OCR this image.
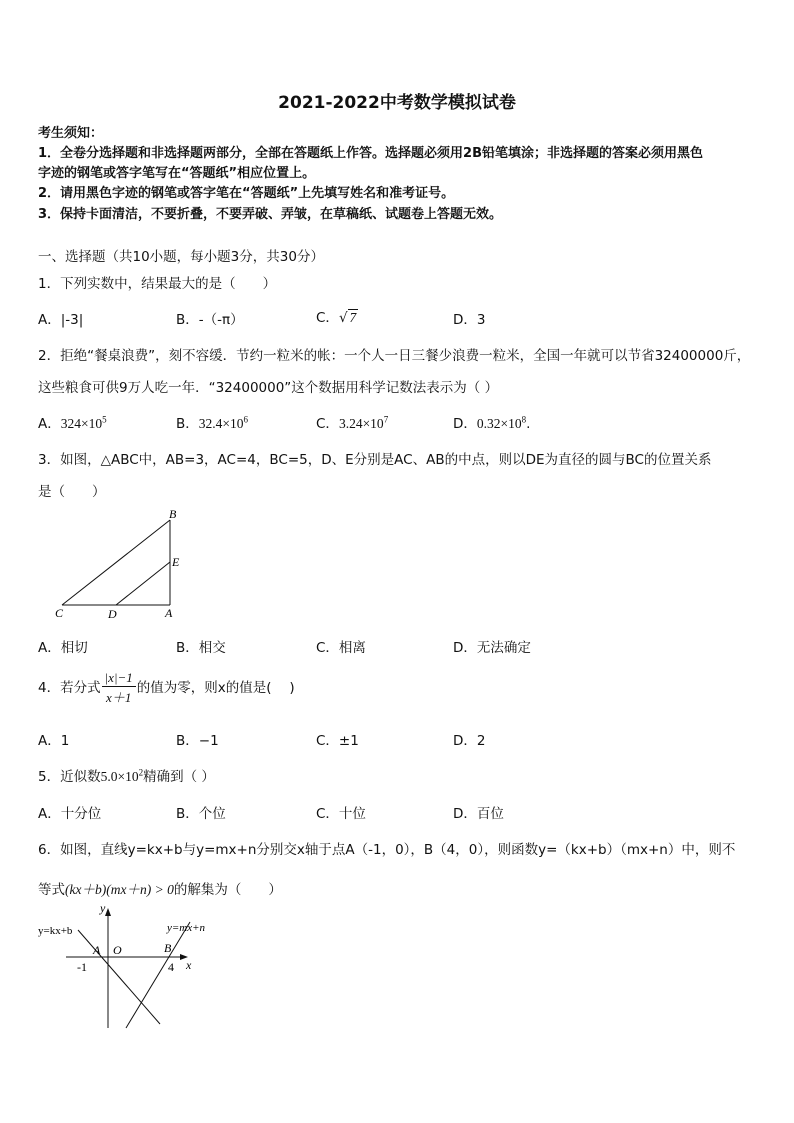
2021-2022中考数学模拟试卷
考生须知：
1．全卷分选择题和非选择题两部分，全部在答题纸上作答。选择题必须用2B铅笔填涂；非选择题的答案必须用黑色
字迹的钢笔或答字笔写在“答题纸”相应位置上。
2．请用黑色字迹的钢笔或答字笔在“答题纸”上先填写姓名和准考证号。
3．保持卡面清洁，不要折叠，不要弄破、弄皱，在草稿纸、试题卷上答题无效。
一、选择题（共10小题，每小题3分，共30分）
1．下列实数中，结果最大的是（　　）
A．|-3|	B．-（-π）	C．√ 7	D．3
2．拒绝“餐桌浪费”，刻不容缓．节约一粒米的帐：一个人一日三餐少浪费一粒米，全国一年就可以节省32400000斤，
这些粮食可供9万人吃一年．“32400000”这个数据用科学记数法表示为（ ）
A．$324\times 10^5$	B．$32.4\times 10^6$	C．$3.24\times 10^7$	D．$0.32\times 10^8$.
3．如图，△ABC中，AB=3，AC=4，BC=5，D、E分别是AC、AB的中点，则以DE为直径的圆与BC的位置关系
是（　　）
B
E
C	D	A
A．相切	B．相交	C．相离	D．无法确定
4．若分式 $\frac{|x|-1}{x+1}$ 的值为零，则x的值是(　 )
A．1	B．−1	C．±1	D．2
5．近似数$5.0\times 10^2$精确到（ ）
A．十分位	B．个位	C．十位	D．百位
6．如图，直线y=kx+b与y=mx+n分别交x轴于点A（-1，0），B（4，0），则函数y=（kx+b）（mx+n）中，则不
等式(kx＋b)(mx＋n) > 0的解集为（　　）
y
x
y=kx+b	y=mx+n
A O	B
-1	4
